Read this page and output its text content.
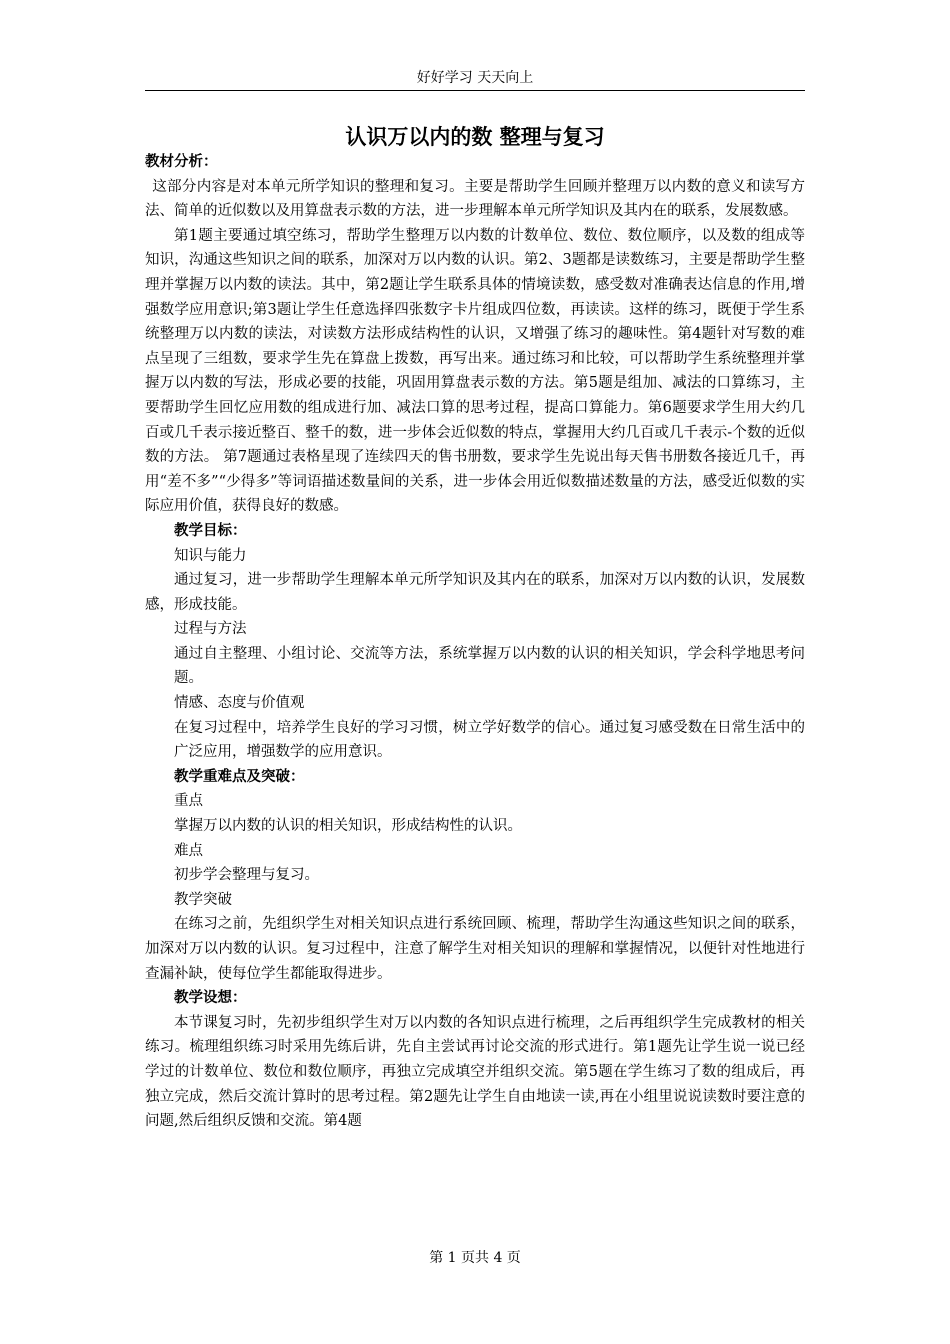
好好学习 天天向上
认识万以内的数 整理与复习

教材分析：

这部分内容是对本单元所学知识的整理和复习。主要是帮助学生回顾并整理万以内数的意义和读写方法、简单的近似数以及用算盘表示数的方法，进一步理解本单元所学知识及其内在的联系，发展数感。

第1题主要通过填空练习，帮助学生整理万以内数的计数单位、数位、数位顺序，以及数的组成等知识，沟通这些知识之间的联系，加深对万以内数的认识。第2、3题都是读数练习，主要是帮助学生整理并掌握万以内数的读法。其中，第2题让学生联系具体的情境读数，感受数对准确表达信息的作用,增强数学应用意识;第3题让学生任意选择四张数字卡片组成四位数，再读读。这样的练习，既便于学生系统整理万以内数的读法，对读数方法形成结构性的认识，又增强了练习的趣味性。第4题针对写数的难点呈现了三组数，要求学生先在算盘上拨数，再写出来。通过练习和比较，可以帮助学生系统整理并掌握万以内数的写法，形成必要的技能，巩固用算盘表示数的方法。第5题是组加、减法的口算练习，主要帮助学生回忆应用数的组成进行加、减法口算的思考过程，提高口算能力。第6题要求学生用大约几百或几千表示接近整百、整千的数，进一步体会近似数的特点，掌握用大约几百或几千表示-个数的近似数的方法。 第7题通过表格星现了连续四天的售书册数，要求学生先说出每天售书册数各接近几千，再用“差不多”“少得多”等词语描述数量间的关系，进一步体会用近似数描述数量的方法，感受近似数的实际应用价值，获得良好的数感。

教学目标：

知识与能力

通过复习，进一步帮助学生理解本单元所学知识及其内在的联系，加深对万以内数的认识，发展数感，形成技能。

过程与方法

通过自主整理、小组讨论、交流等方法，系统掌握万以内数的认识的相关知识，学会科学地思考问题。

情感、态度与价值观

在复习过程中，培养学生良好的学习习惯，树立学好数学的信心。通过复习感受数在日常生活中的广泛应用，增强数学的应用意识。

教学重难点及突破：

重点

掌握万以内数的认识的相关知识，形成结构性的认识。

难点

初步学会整理与复习。

教学突破

在练习之前，先组织学生对相关知识点进行系统回顾、梳理，帮助学生沟通这些知识之间的联系，加深对万以内数的认识。复习过程中，注意了解学生对相关知识的理解和掌握情况，以便针对性地进行查漏补缺，使每位学生都能取得进步。

教学设想：

本节课复习时，先初步组织学生对万以内数的各知识点进行梳理，之后再组织学生完成教材的相关练习。梳理组织练习时采用先练后讲，先自主尝试再讨论交流的形式进行。第1题先让学生说一说已经学过的计数单位、数位和数位顺序，再独立完成填空并组织交流。第5题在学生练习了数的组成后，再独立完成，然后交流计算时的思考过程。第2题先让学生自由地读一读,再在小组里说说读数时要注意的问题,然后组织反馈和交流。第4题

第 1 页共 4 页
